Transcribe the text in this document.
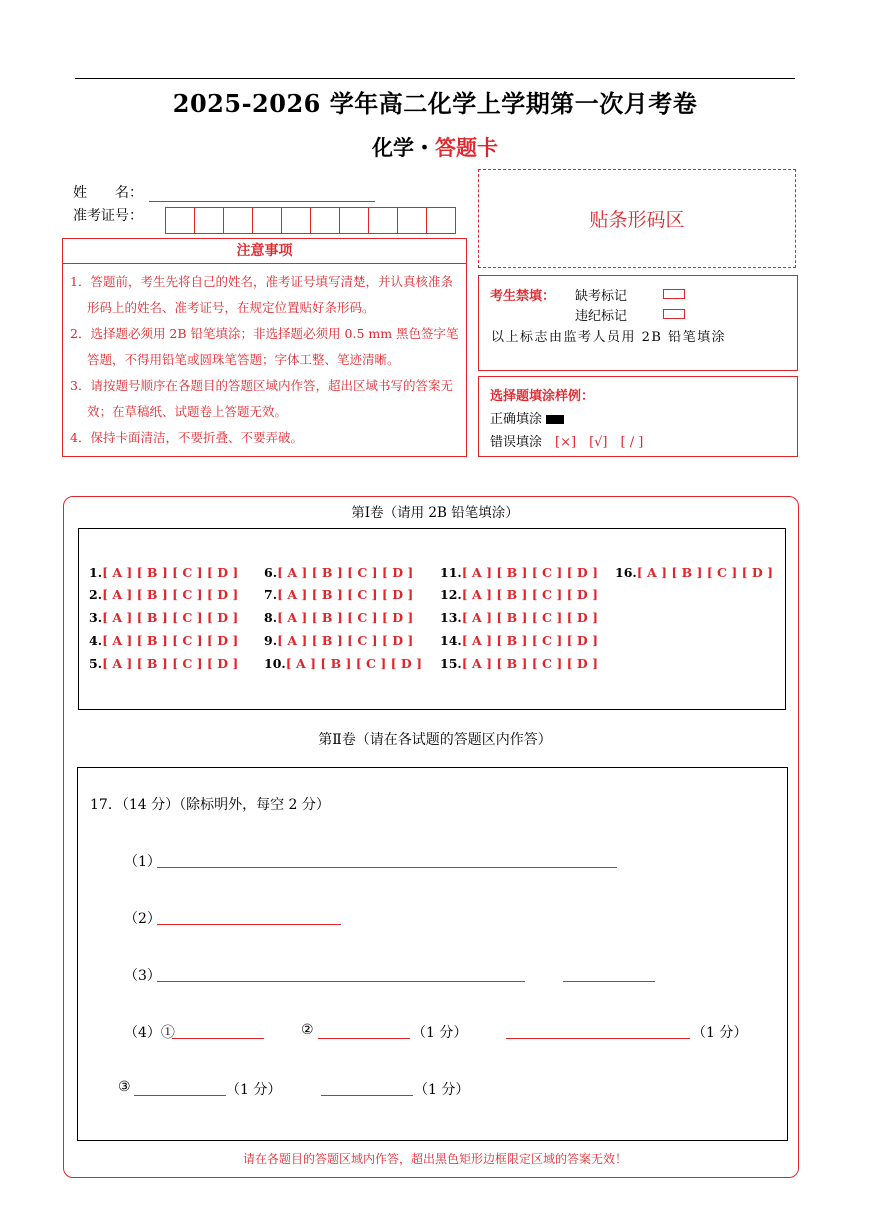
2025-2026 学年高二化学上学期第一次月考卷
化学・答题卡
姓　　名：
准考证号：	贴条形码区
注意事项
1．答题前，考生先将自己的姓名，准考证号填写清楚，并认真核准条形码上的姓名、准考证号，在规定位置贴好条形码。
2．选择题必须用 2B 铅笔填涂；非选择题必须用 0.5 mm 黑色签字笔答题，不得用铅笔或圆珠笔答题；字体工整、笔迹清晰。
3．请按题号顺序在各题目的答题区域内作答，超出区域书写的答案无效；在草稿纸、试题卷上答题无效。
4．保持卡面清洁，不要折叠、不要弄破。
考生禁填： 缺考标记
违纪标记
以上标志由监考人员用 2B 铅笔填涂
选择题填涂样例：
正确填涂
错误填涂　 [×]　[√]　[ / ]
第Ⅰ卷（请用 2B 铅笔填涂）
1.[ A ] [ B ] [ C ] [ D ]
2.[ A ] [ B ] [ C ] [ D ]
3.[ A ] [ B ] [ C ] [ D ]
4.[ A ] [ B ] [ C ] [ D ]
5.[ A ] [ B ] [ C ] [ D ]
6.[ A ] [ B ] [ C ] [ D ]
7.[ A ] [ B ] [ C ] [ D ]
8.[ A ] [ B ] [ C ] [ D ]
9.[ A ] [ B ] [ C ] [ D ]
10.[ A ] [ B ] [ C ] [ D ]
11.[ A ] [ B ] [ C ] [ D ]
12.[ A ] [ B ] [ C ] [ D ]
13.[ A ] [ B ] [ C ] [ D ]
14.[ A ] [ B ] [ C ] [ D ]
15.[ A ] [ B ] [ C ] [ D ]
16.[ A ] [ B ] [ C ] [ D ]
第Ⅱ卷（请在各试题的答题区内作答）
17．（14 分）（除标明外，每空 2 分）
（1）
（2）
（3）
（4）①	②	（1 分）	（1 分）
③	（1 分）	（1 分）
请在各题目的答题区域内作答，超出黑色矩形边框限定区域的答案无效！
